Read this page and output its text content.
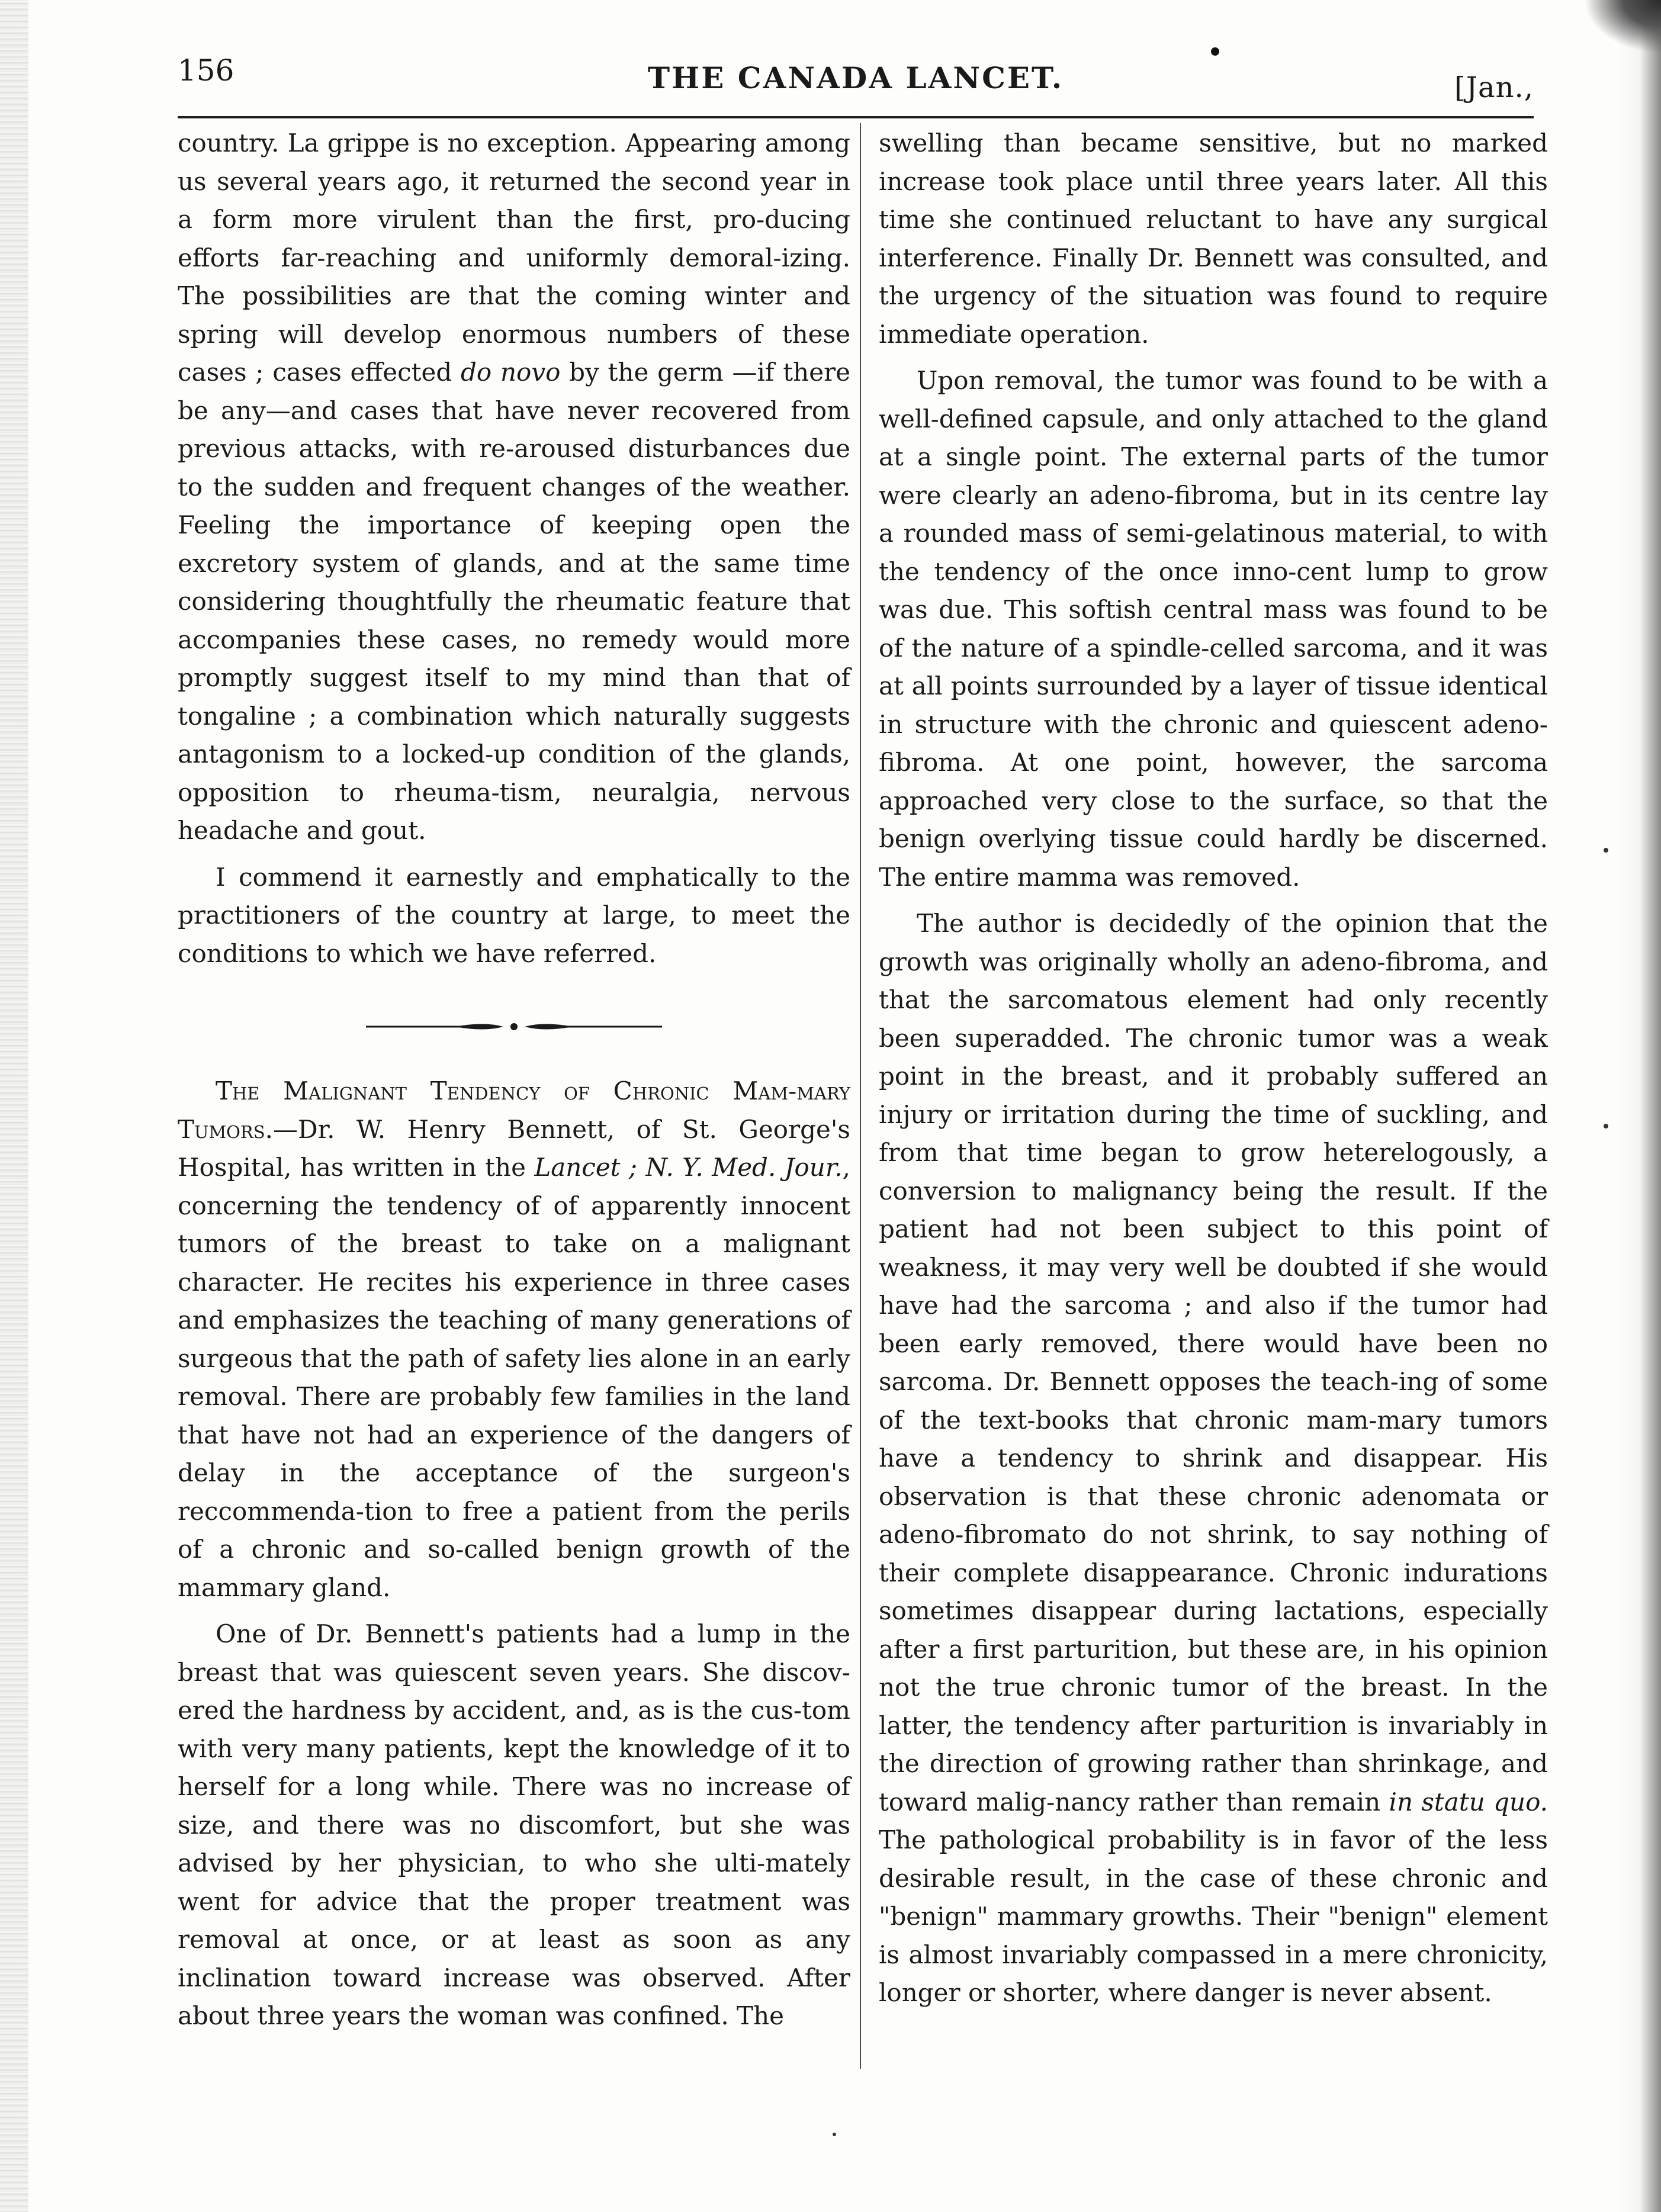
156	THE CANADA LANCET.	[Jan.,

country. La grippe is no exception. Appearing among us several years ago, it returned the second year in a form more virulent than the first, pro-ducing efforts far-reaching and uniformly demoral-izing. The possibilities are that the coming winter and spring will develop enormous numbers of these cases ; cases effected do novo by the germ —if there be any—and cases that have never recovered from previous attacks, with re-aroused disturbances due to the sudden and frequent changes of the weather. Feeling the importance of keeping open the excretory system of glands, and at the same time considering thoughtfully the rheumatic feature that accompanies these cases, no remedy would more promptly suggest itself to my mind than that of tongaline ; a combination which naturally suggests antagonism to a locked-up condition of the glands, opposition to rheuma-tism, neuralgia, nervous headache and gout.

I commend it earnestly and emphatically to the practitioners of the country at large, to meet the conditions to which we have referred.

The Malignant Tendency of Chronic Mam-mary Tumors.—Dr. W. Henry Bennett, of St. George's Hospital, has written in the Lancet ; N. Y. Med. Jour., concerning the tendency of of apparently innocent tumors of the breast to take on a malignant character. He recites his experience in three cases and emphasizes the teaching of many generations of surgeous that the path of safety lies alone in an early removal. There are probably few families in the land that have not had an experience of the dangers of delay in the acceptance of the surgeon's reccommenda-tion to free a patient from the perils of a chronic and so-called benign growth of the mammary gland.

One of Dr. Bennett's patients had a lump in the breast that was quiescent seven years. She discov-ered the hardness by accident, and, as is the cus-tom with very many patients, kept the knowledge of it to herself for a long while. There was no increase of size, and there was no discomfort, but she was advised by her physician, to who she ulti-mately went for advice that the proper treatment was removal at once, or at least as soon as any inclination toward increase was observed. After about three years the woman was confined. The

swelling than became sensitive, but no marked increase took place until three years later. All this time she continued reluctant to have any surgical interference. Finally Dr. Bennett was consulted, and the urgency of the situation was found to require immediate operation.

Upon removal, the tumor was found to be with a well-defined capsule, and only attached to the gland at a single point. The external parts of the tumor were clearly an adeno-fibroma, but in its centre lay a rounded mass of semi-gelatinous material, to with the tendency of the once inno-cent lump to grow was due. This softish central mass was found to be of the nature of a spindle-celled sarcoma, and it was at all points surrounded by a layer of tissue identical in structure with the chronic and quiescent adeno-fibroma. At one point, however, the sarcoma approached very close to the surface, so that the benign overlying tissue could hardly be discerned. The entire mamma was removed.

The author is decidedly of the opinion that the growth was originally wholly an adeno-fibroma, and that the sarcomatous element had only recently been superadded. The chronic tumor was a weak point in the breast, and it probably suffered an injury or irritation during the time of suckling, and from that time began to grow heterelogously, a conversion to malignancy being the result. If the patient had not been subject to this point of weakness, it may very well be doubted if she would have had the sarcoma ; and also if the tumor had been early removed, there would have been no sarcoma. Dr. Bennett opposes the teach-ing of some of the text-books that chronic mam-mary tumors have a tendency to shrink and disappear. His observation is that these chronic adenomata or adeno-fibromato do not shrink, to say nothing of their complete disappearance. Chronic indurations sometimes disappear during lactations, especially after a first parturition, but these are, in his opinion not the true chronic tumor of the breast. In the latter, the tendency after parturition is invariably in the direction of growing rather than shrinkage, and toward malig-nancy rather than remain in statu quo. The pathological probability is in favor of the less desirable result, in the case of these chronic and "benign" mammary growths. Their "benign" element is almost invariably compassed in a mere chronicity, longer or shorter, where danger is never absent.
